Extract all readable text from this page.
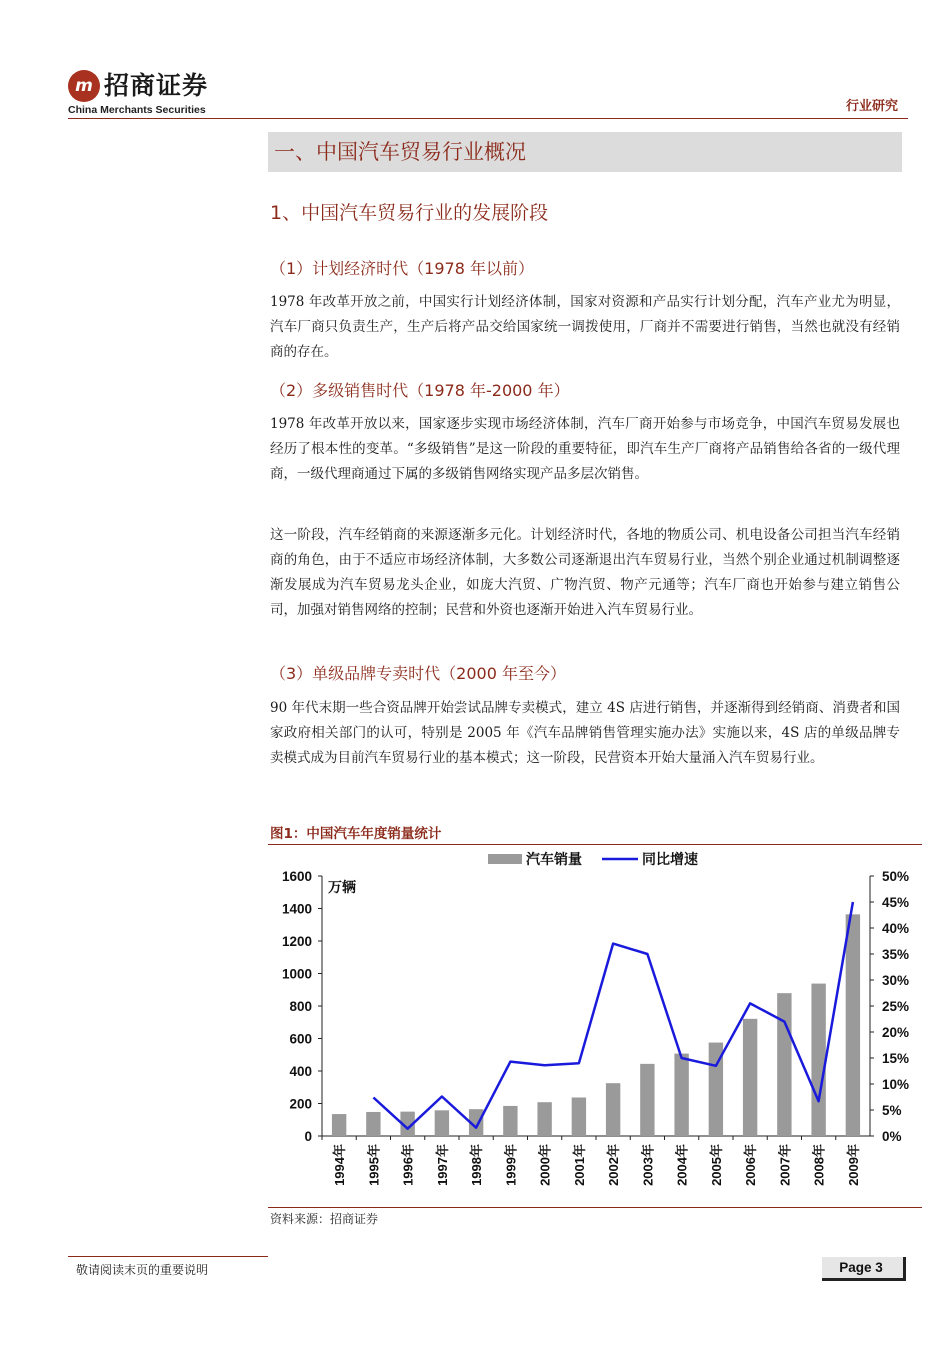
m 招商证券
China Merchants Securities	行业研究
一、中国汽车贸易行业概况
1、中国汽车贸易行业的发展阶段
（1）计划经济时代（1978 年以前）
1978 年改革开放之前，中国实行计划经济体制，国家对资源和产品实行计划分配，汽车产业尤为明显，汽车厂商只负责生产，生产后将产品交给国家统一调拨使用，厂商并不需要进行销售，当然也就没有经销商的存在。
（2）多级销售时代（1978 年-2000 年）
1978 年改革开放以来，国家逐步实现市场经济体制，汽车厂商开始参与市场竞争，中国汽车贸易发展也经历了根本性的变革。“多级销售”是这一阶段的重要特征，即汽车生产厂商将产品销售给各省的一级代理商，一级代理商通过下属的多级销售网络实现产品多层次销售。
这一阶段，汽车经销商的来源逐渐多元化。计划经济时代，各地的物质公司、机电设备公司担当汽车经销商的角色，由于不适应市场经济体制，大多数公司逐渐退出汽车贸易行业，当然个别企业通过机制调整逐渐发展成为汽车贸易龙头企业，如庞大汽贸、广物汽贸、物产元通等；汽车厂商也开始参与建立销售公司，加强对销售网络的控制；民营和外资也逐渐开始进入汽车贸易行业。
（3）单级品牌专卖时代（2000 年至今）
90 年代末期一些合资品牌开始尝试品牌专卖模式，建立 4S 店进行销售，并逐渐得到经销商、消费者和国家政府相关部门的认可，特别是 2005 年《汽车品牌销售管理实施办法》实施以来，4S 店的单级品牌专卖模式成为目前汽车贸易行业的基本模式；这一阶段，民营资本开始大量涌入汽车贸易行业。
图1：中国汽车年度销量统计
0
200
400
600
800
1000
1200
1400
1600
0%
5%
10%
15%
20%
25%
30%
35%
40%
45%
50%
万辆
1994年 1995年 1996年 1997年 1998年 1999年 2000年 2001年 2002年 2003年 2004年 2005年 2006年 2007年 2008年 2009年
汽车销量	同比增速
资料来源：招商证券
敬请阅读末页的重要说明	Page 3
